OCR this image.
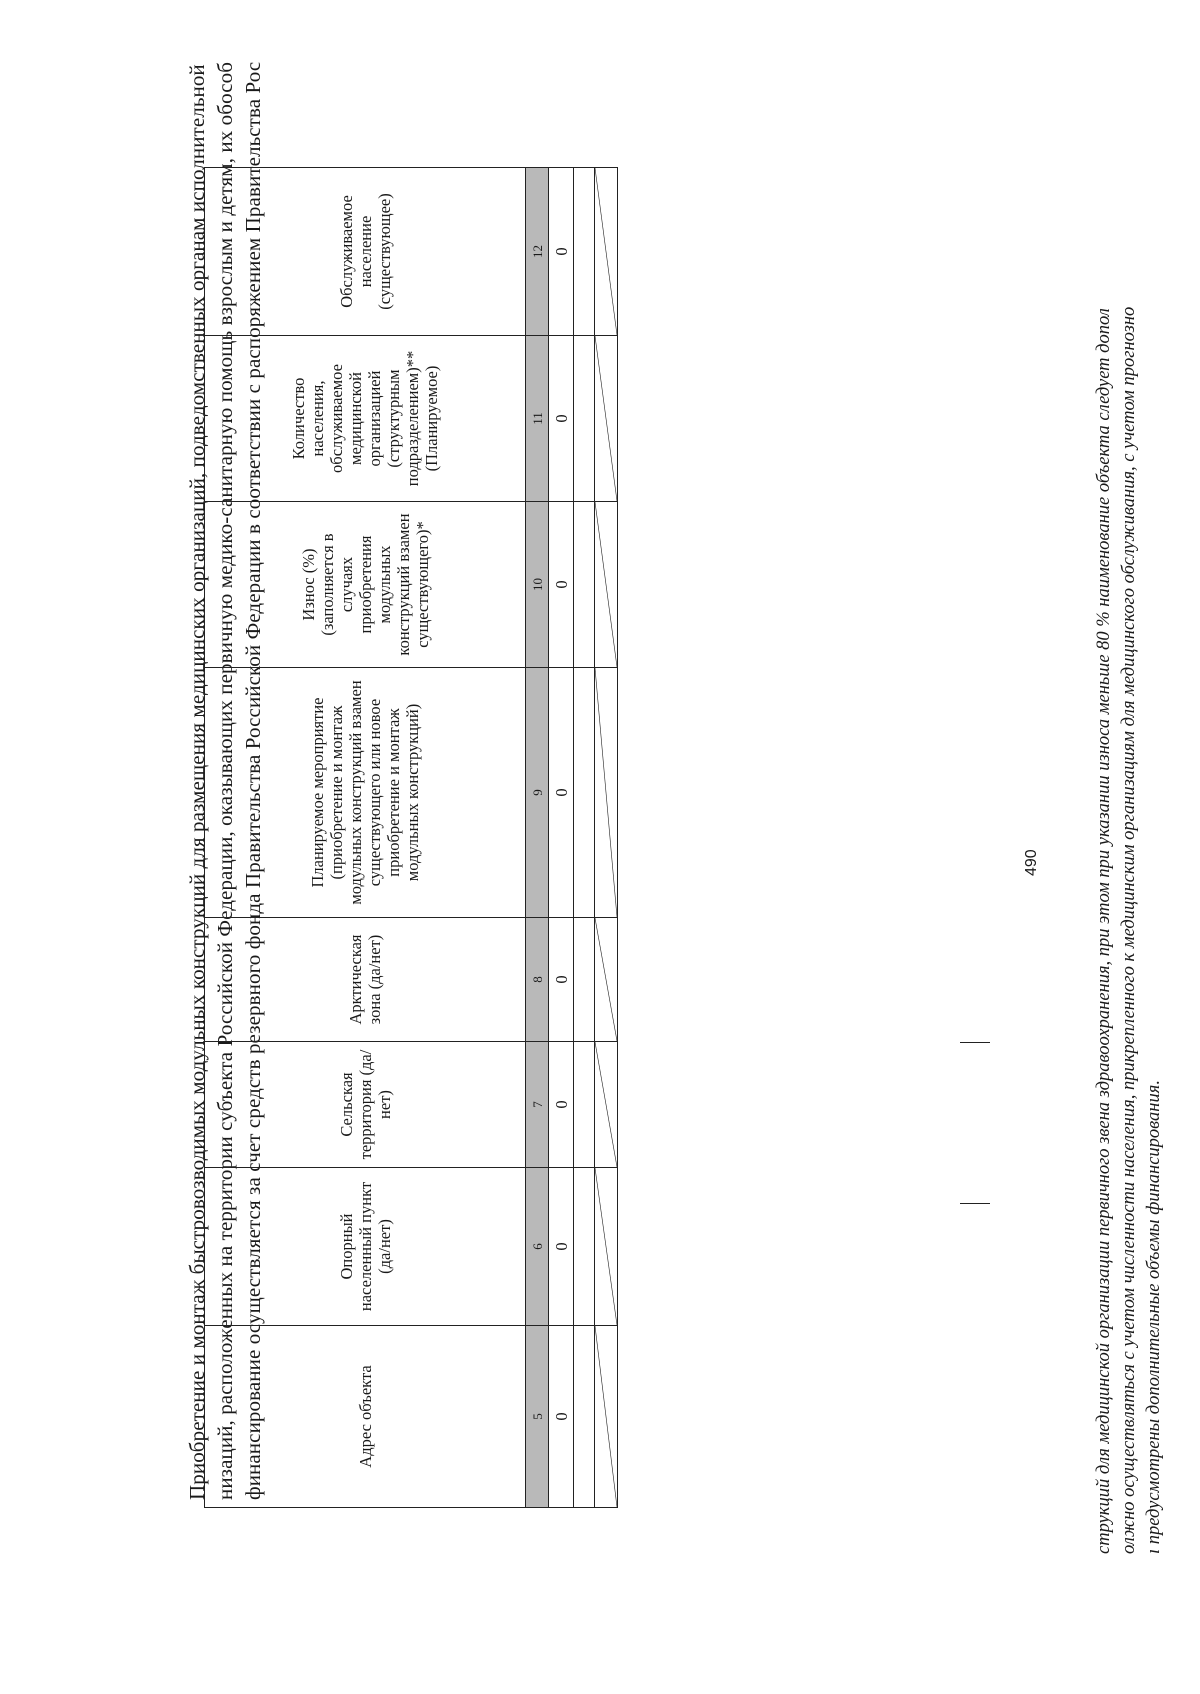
Приобретение и монтаж быстровозводимых модульных конструкций для размещения медицинских организаций, подведомственных органам исполнительной низаций, расположенных на территории субъекта Российской Федерации, оказывающих первичную медико-санитарную помощь взрослым и детям, их обособ финансирование осуществляется за счет средств резервного фонда Правительства Российской Федерации в соответствии с распоряжением Правительства Рос	Адрес объекта	Опорный населенный пункт (да/нет)	Сельская территория (да/нет)	Арктическая зона (да/нет)	Планируемое мероприятие (приобретение и монтаж модульных конструкций взамен существующего или новое приобретение и монтаж модульных конструкций)	Износ (%) (заполняется в случаях приобретения модульных конструкций взамен существующего)*	Количество населения, обслуживаемое медицинской организацией (структурным подразделением)** (Планируемое)	Обслуживаемое население (существующее)
5	6	7	8	9	10	11	12
0	0	0	0	0	0	0	0

490	струкций для медицинской организации первичного звена здравоохранения, при этом при указании износа меньше 80 % наименование объекта следует допол олжно осуществляться с учетом численности населения, прикрепленного к медицинским организациям для медицинского обслуживания, с учетом прогнозно ı предусмотрены дополнительные объемы финансирования.
